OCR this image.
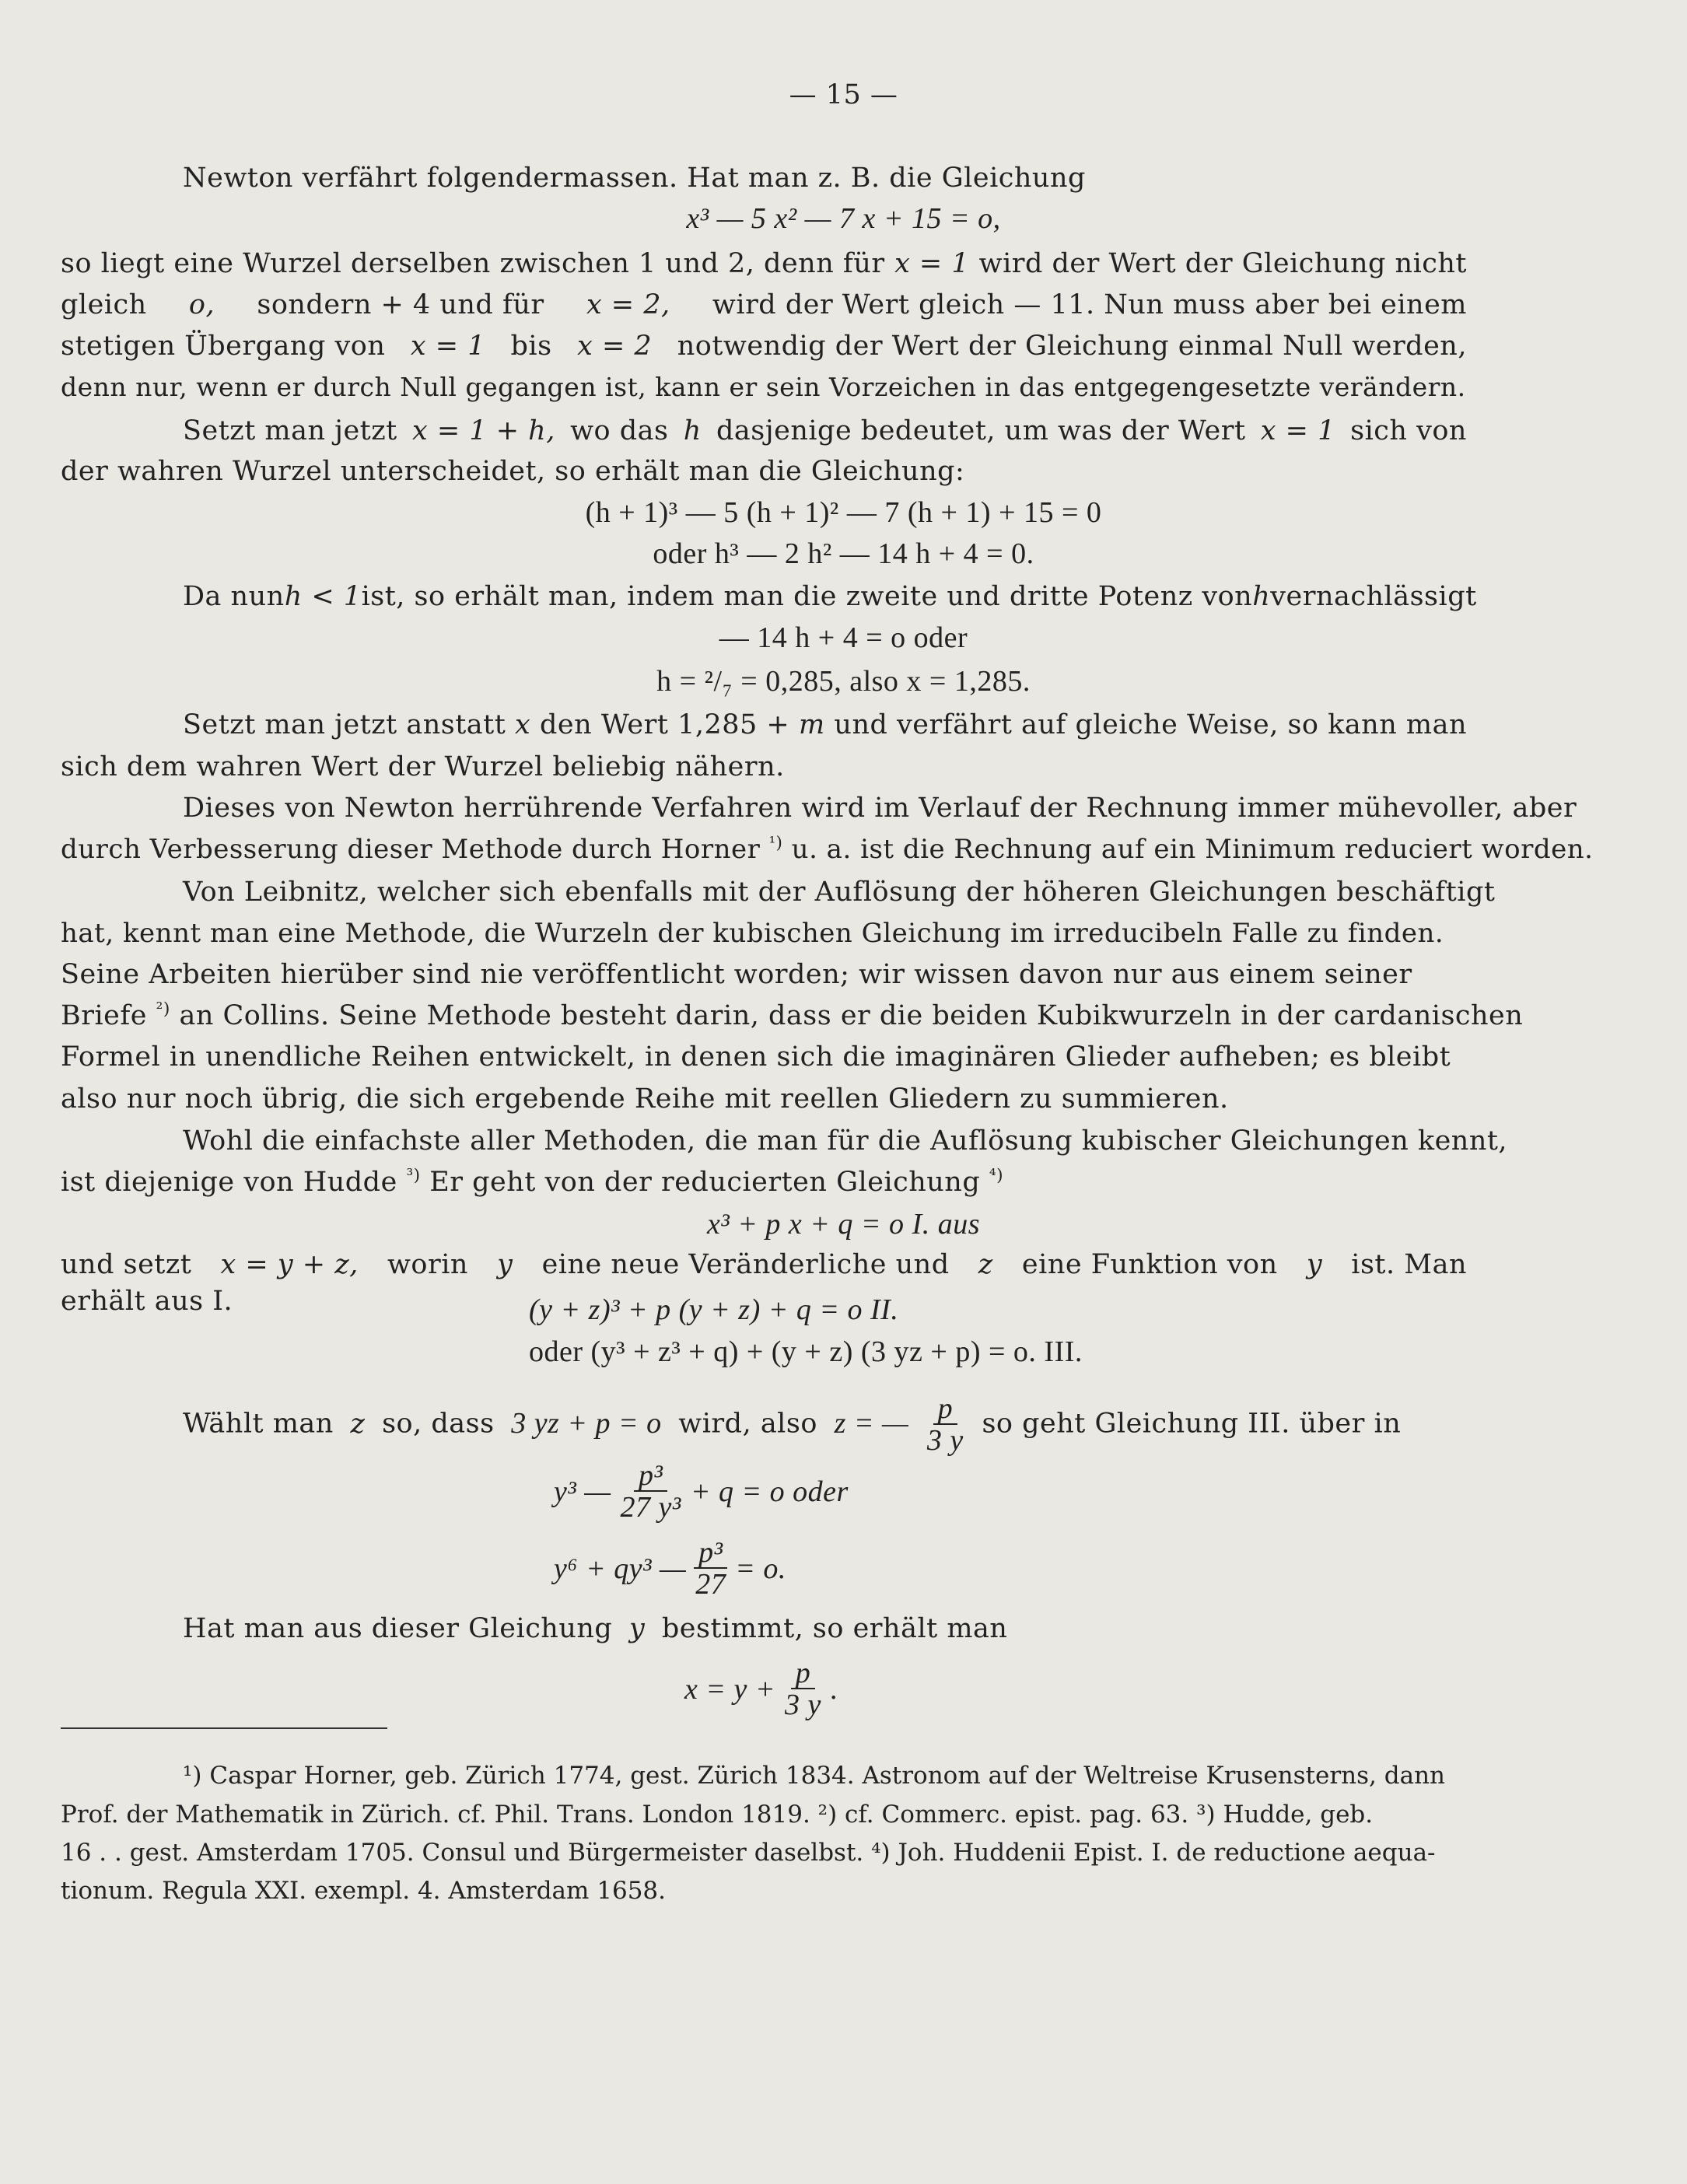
— 15 —
Newton verfährt folgendermassen. Hat man z. B. die Gleichung
x³ — 5 x² — 7 x + 15 = o,
so liegt eine Wurzel derselben zwischen 1 und 2, denn für x = 1 wird der Wert der Gleichung nicht
gleich o, sondern + 4 und für x = 2, wird der Wert gleich — 11. Nun muss aber bei einem
stetigen Übergang von x = 1 bis x = 2 notwendig der Wert der Gleichung einmal Null werden,
denn nur, wenn er durch Null gegangen ist, kann er sein Vorzeichen in das entgegengesetzte verändern.
Setzt man jetzt x = 1 + h, wo das h dasjenige bedeutet, um was der Wert x = 1 sich von
der wahren Wurzel unterscheidet, so erhält man die Gleichung:
(h + 1)³ — 5 (h + 1)² — 7 (h + 1) + 15 = 0
oder h³ — 2 h² — 14 h + 4 = 0.
Da nun h < 1 ist, so erhält man, indem man die zweite und dritte Potenz von h vernachlässigt
— 14 h + 4 = o oder
h = ²/₇ = 0,285, also x = 1,285.
Setzt man jetzt anstatt x den Wert 1,285 + m und verfährt auf gleiche Weise, so kann man
sich dem wahren Wert der Wurzel beliebig nähern.
Dieses von Newton herrührende Verfahren wird im Verlauf der Rechnung immer mühevoller, aber
durch Verbesserung dieser Methode durch Horner $^{^1)}$ u. a. ist die Rechnung auf ein Minimum reduciert worden.
Von Leibnitz, welcher sich ebenfalls mit der Auflösung der höheren Gleichungen beschäftigt
hat, kennt man eine Methode, die Wurzeln der kubischen Gleichung im irreducibeln Falle zu finden.
Seine Arbeiten hierüber sind nie veröffentlicht worden; wir wissen davon nur aus einem seiner
Briefe $^{^2)}$ an Collins. Seine Methode besteht darin, dass er die beiden Kubikwurzeln in der cardanischen
Formel in unendliche Reihen entwickelt, in denen sich die imaginären Glieder aufheben; es bleibt
also nur noch übrig, die sich ergebende Reihe mit reellen Gliedern zu summieren.
Wohl die einfachste aller Methoden, die man für die Auflösung kubischer Gleichungen kennt,
ist diejenige von Hudde $^{^3)}$ Er geht von der reducierten Gleichung $^{^4)}$
x³ + p x + q = o I. aus
und setzt x = y + z, worin y eine neue Veränderliche und z eine Funktion von y ist. Man
erhält aus I.	(y + z)³ + p (y + z) + q = o II.
oder (y³ + z³ + q) + (y + z) (3 yz + p) = o. III.
Wählt man z so, dass 3 yz + p = o wird, also z = — $\frac{p}{3 y}$ so geht Gleichung III. über in
y³ — $\frac{\text{p³}}{\text{27 y³}} + q = o$ oder
y⁶ + qy³ — $\frac{\text{p³}}{27} = o$.
Hat man aus dieser Gleichung y bestimmt, so erhält man
$x = y + \frac{p}{3 y}$ .
¹) Caspar Horner, geb. Zürich 1774, gest. Zürich 1834. Astronom auf der Weltreise Krusensterns, dann
Prof. der Mathematik in Zürich. cf. Phil. Trans. London 1819. ²) cf. Commerc. epist. pag. 63. ³) Hudde, geb.
16 . . gest. Amsterdam 1705. Consul und Bürgermeister daselbst. ⁴) Joh. Huddenii Epist. I. de reductione aequa-
tionum. Regula XXI. exempl. 4. Amsterdam 1658.
